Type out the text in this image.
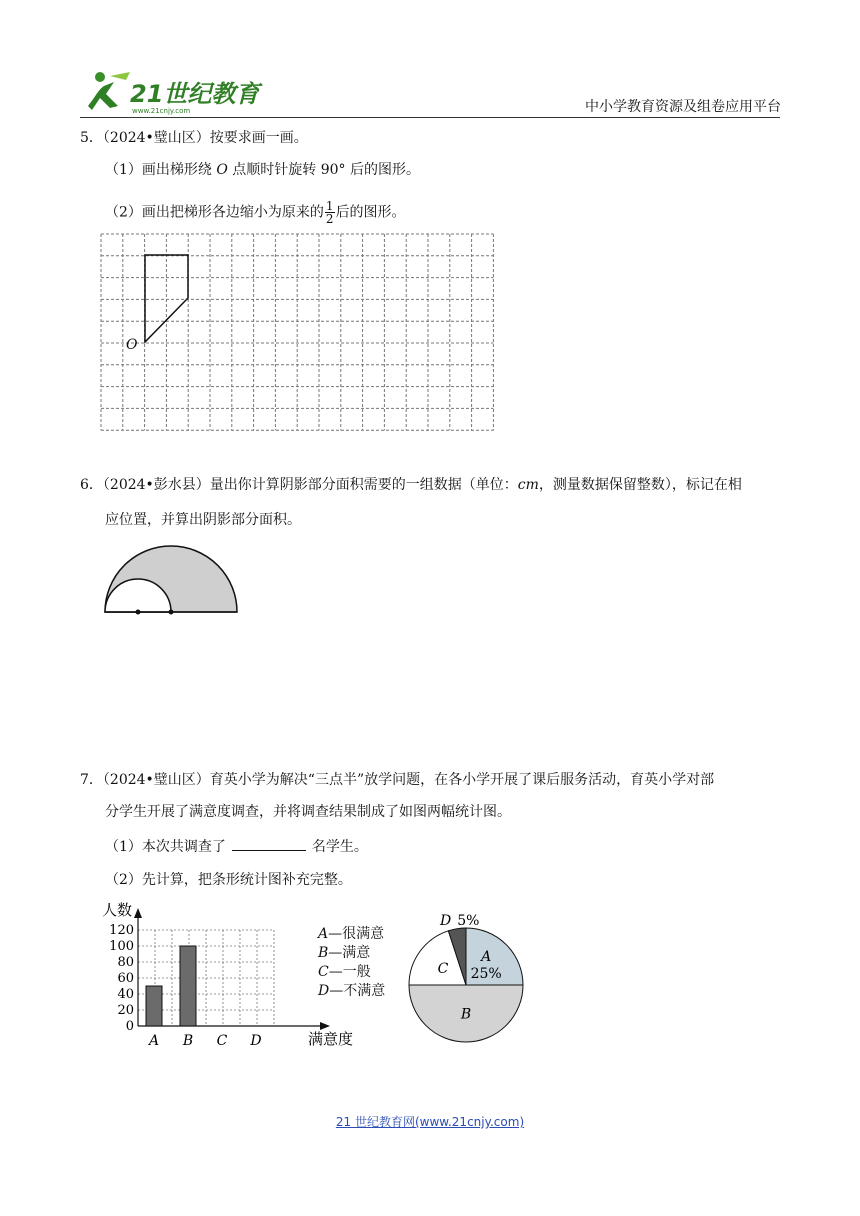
21世纪教育
www.21cnjy.com	中小学教育资源及组卷应用平台
5．（2024•璧山区）按要求画一画。
（1）画出梯形绕 O 点顺时针旋转 90° 后的图形。
（2）画出把梯形各边缩小为原来的 $\frac{1}{2}$ 后的图形。
O
6．（2024•彭水县）量出你计算阴影部分面积需要的一组数据（单位：cm，测量数据保留整数），标记在相
应位置，并算出阴影部分面积。
7．（2024•璧山区）育英小学为解决“三点半”放学问题，在各小学开展了课后服务活动，育英小学对部
分学生开展了满意度调查，并将调查结果制成了如图两幅统计图。
（1）本次共调查了	名学生。
（2）先计算，把条形统计图补充完整。
0
20
40
60
80
100
120
人数
满意度
A B C D
A—很满意
B—满意
C—一般
D—不满意
A
25%
B
C
D 5%
21 世纪教育网(www.21cnjy.com)
